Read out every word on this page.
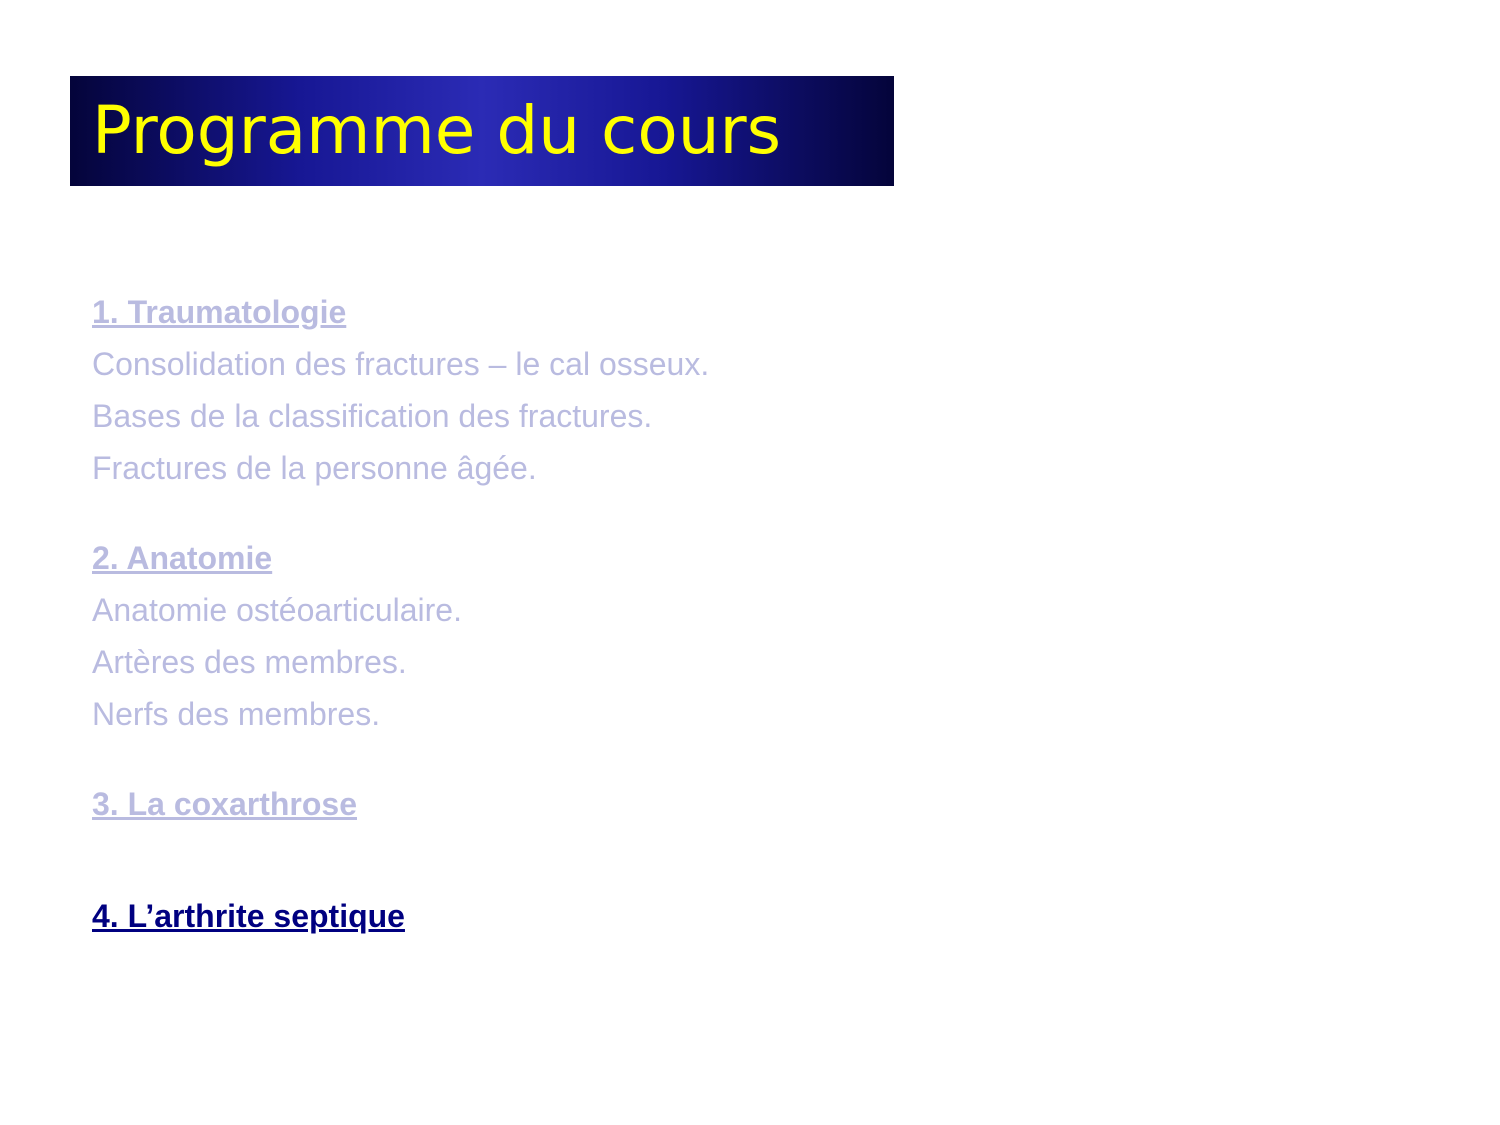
Programme du cours
1. Traumatologie
Consolidation des fractures – le cal osseux.
Bases de la classification des fractures.
Fractures de la personne âgée.
2. Anatomie
Anatomie ostéoarticulaire.
Artères des membres.
Nerfs des membres.
3. La coxarthrose
4. L’arthrite septique
